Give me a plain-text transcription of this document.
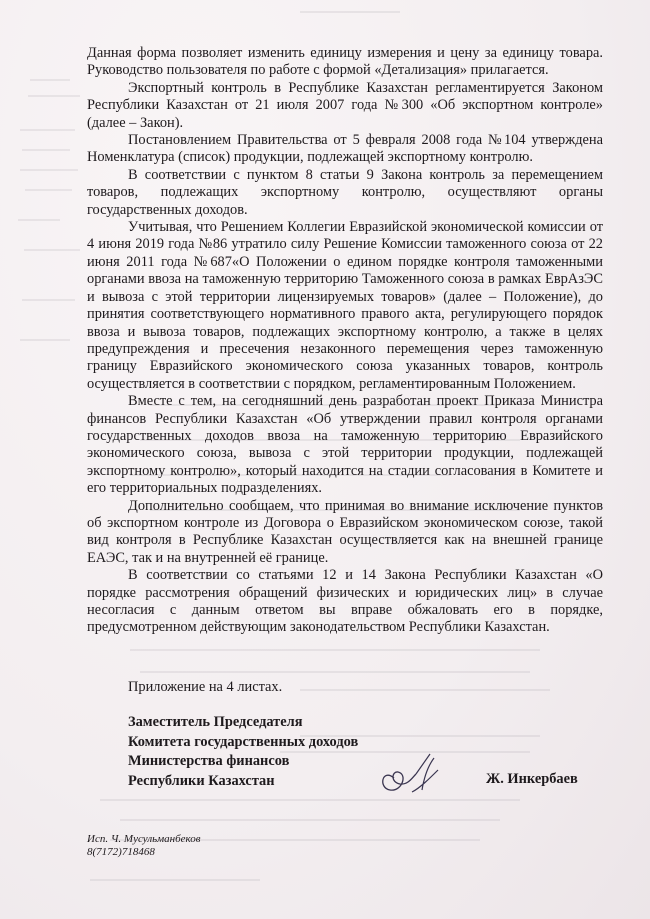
Данная форма позволяет изменить единицу измерения и цену за единицу товара. Руководство пользователя по работе с формой «Детализация» прилагается.

Экспортный контроль в Республике Казахстан регламентируется Законом Республики Казахстан от 21 июля 2007 года №300 «Об экспортном контроле» (далее – Закон).

Постановлением Правительства от 5 февраля 2008 года №104 утверждена Номенклатура (список) продукции, подлежащей экспортному контролю.

В соответствии с пунктом 8 статьи 9 Закона контроль за перемещением товаров, подлежащих экспортному контролю, осуществляют органы государственных доходов.

Учитывая, что Решением Коллегии Евразийской экономической комиссии от 4 июня 2019 года №86 утратило силу Решение Комиссии таможенного союза от 22 июня 2011 года №687«О Положении о едином порядке контроля таможенными органами ввоза на таможенную территорию Таможенного союза в рамках ЕврАзЭС и вывоза с этой территории лицензируемых товаров» (далее – Положение), до принятия соответствующего нормативного правого акта, регулирующего порядок ввоза и вывоза товаров, подлежащих экспортному контролю, а также в целях предупреждения и пресечения незаконного перемещения через таможенную границу Евразийского экономического союза указанных товаров, контроль осуществляется в соответствии с порядком, регламентированным Положением.

Вместе с тем, на сегодняшний день разработан проект Приказа Министра финансов Республики Казахстан «Об утверждении правил контроля органами государственных доходов ввоза на таможенную территорию Евразийского экономического союза, вывоза с этой территории продукции, подлежащей экспортному контролю», который находится на стадии согласования в Комитете и его территориальных подразделениях.

Дополнительно сообщаем, что принимая во внимание исключение пунктов об экспортном контроле из Договора о Евразийском экономическом союзе, такой вид контроля в Республике Казахстан осуществляется как на внешней границе ЕАЭС, так и на внутренней её границе.

В соответствии со статьями 12 и 14 Закона Республики Казахстан «О порядке рассмотрения обращений физических и юридических лиц» в случае несогласия с данным ответом вы вправе обжаловать его в порядке, предусмотренном действующим законодательством Республики Казахстан.

Приложение на 4 листах.
Заместитель Председателя
Комитета государственных доходов
Министерства финансов
Республики Казахстан	Ж. Инкербаев
Исп. Ч. Мусульманбеков
8(7172)718468
